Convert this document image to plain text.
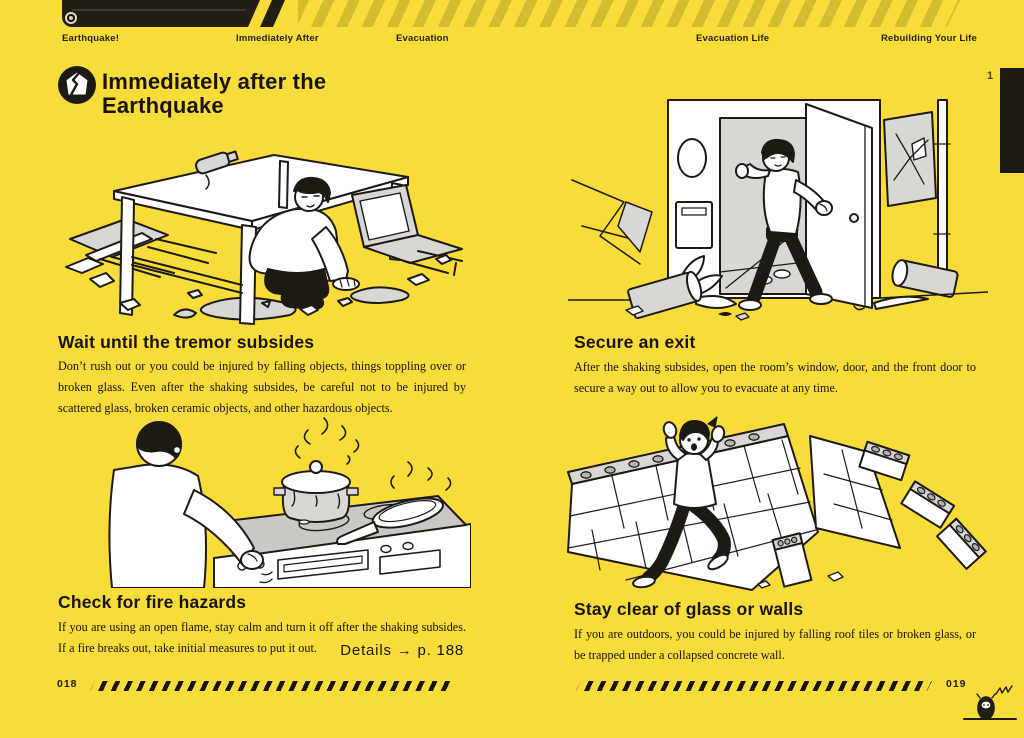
Earthquake!	Immediately After	Evacuation	Evacuation Life	Rebuilding Your Life
1
Immediately after the
Earthquake
Wait until the tremor subsides
Don’t rush out or you could be injured by falling objects, things toppling over or broken glass. Even after the shaking subsides, be careful not to be injured by scattered glass, broken ceramic objects, and other hazardous objects.
Secure an exit
After the shaking subsides, open the room’s window, door, and the front door to secure a way out to allow you to evacuate at any time.
Check for fire hazards
If you are using an open flame, stay calm and turn it off after the shaking subsides. If a fire breaks out, take initial measures to put it out.	Details → p. 188
Stay clear of glass or walls
If you are outdoors, you could be injured by falling roof tiles or broken glass, or be trapped under a collapsed concrete wall.
018	019
